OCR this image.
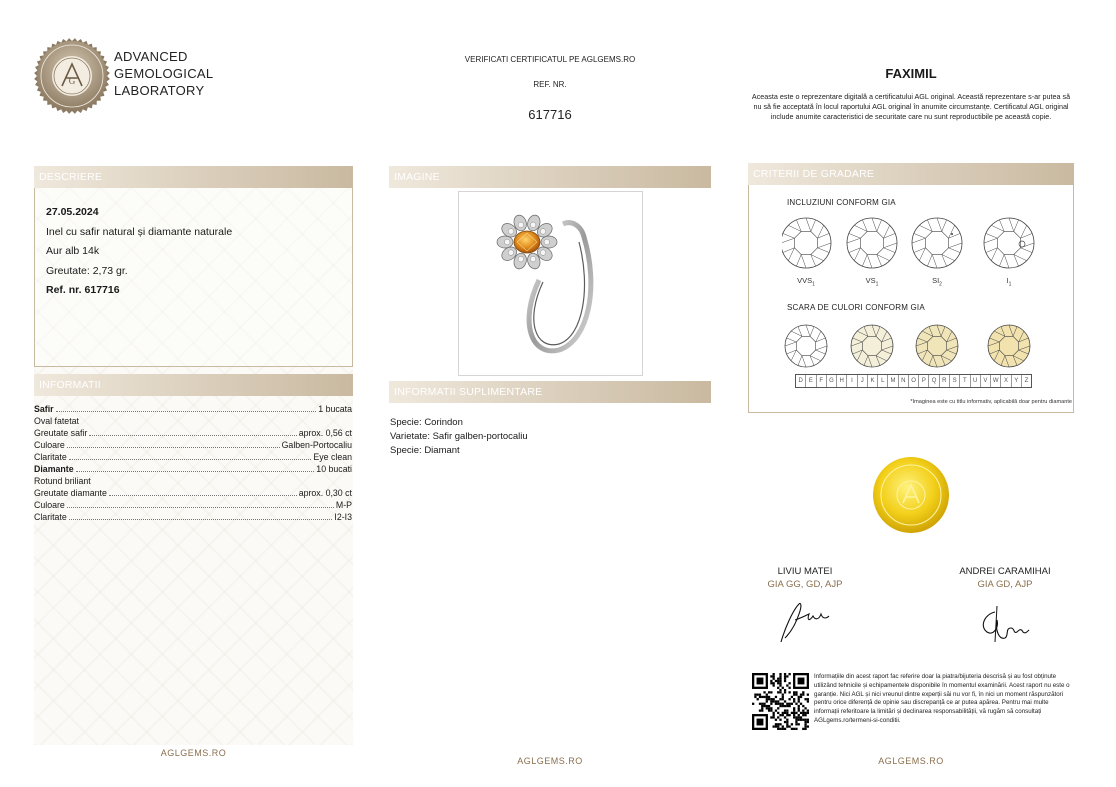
G
ADVANCED
GEMOLOGICAL
LABORATORY
VERIFICATI CERTIFICATUL PE AGLGEMS.RO
REF. NR.
617716
FAXIMIL
Aceasta este o reprezentare digitală a certificatului AGL original. Această reprezentare s-ar putea să nu să fie acceptată în locul raportului AGL original în anumite circumstanțe. Certificatul AGL original include anumite caracteristici de securitate care nu sunt reproductibile pe această copie.
DESCRIERE
27.05.2024
Inel cu safir natural și diamante naturale
Aur alb 14k
Greutate: 2,73 gr.
Ref. nr. 617716
INFORMATII
Safir	1 bucata
Oval fatetat
Greutate safir	aprox. 0,56 ct
Culoare	Galben-Portocaliu
Claritate	Eye clean
Diamante	10 bucati
Rotund briliant
Greutate diamante	aprox. 0,30 ct
Culoare	M-P
Claritate	I2-I3
AGLGEMS.RO
IMAGINE
INFORMATII SUPLIMENTARE
Specie: Corindon
Varietate: Safir galben-portocaliu
Specie: Diamant
AGLGEMS.RO
CRITERII DE GRADARE
INCLUZIUNI CONFORM GIA
$VVS_1$	$VS_1$	$SI_2$	$I_1$
SCARA DE CULORI CONFORM GIA
D	E	F	G H	I	J	K	L	M N O P Q R	S	T	U	V W X	Y	Z
*Imaginea este cu titlu informativ, aplicabilă doar pentru diamante
LIVIU MATEI
GIA GG, GD, AJP
ANDREI CARAMIHAI
GIA GD, AJP
Informațiile din acest raport fac referire doar la piatra/bijuteria descrisă și au fost obținute utilizând tehnicile și echipamentele disponibile în momentul examinării. Acest raport nu este o garanție. Nici AGL și nici vreunul dintre experții săi nu vor fi, în nici un moment răspunzători pentru orice diferență de opinie sau discrepanță ce ar putea apărea. Pentru mai multe informații referitoare la limitări și declinarea responsabilității, vă rugăm să consultați AGLgems.ro/termeni-si-conditii.
AGLGEMS.RO
